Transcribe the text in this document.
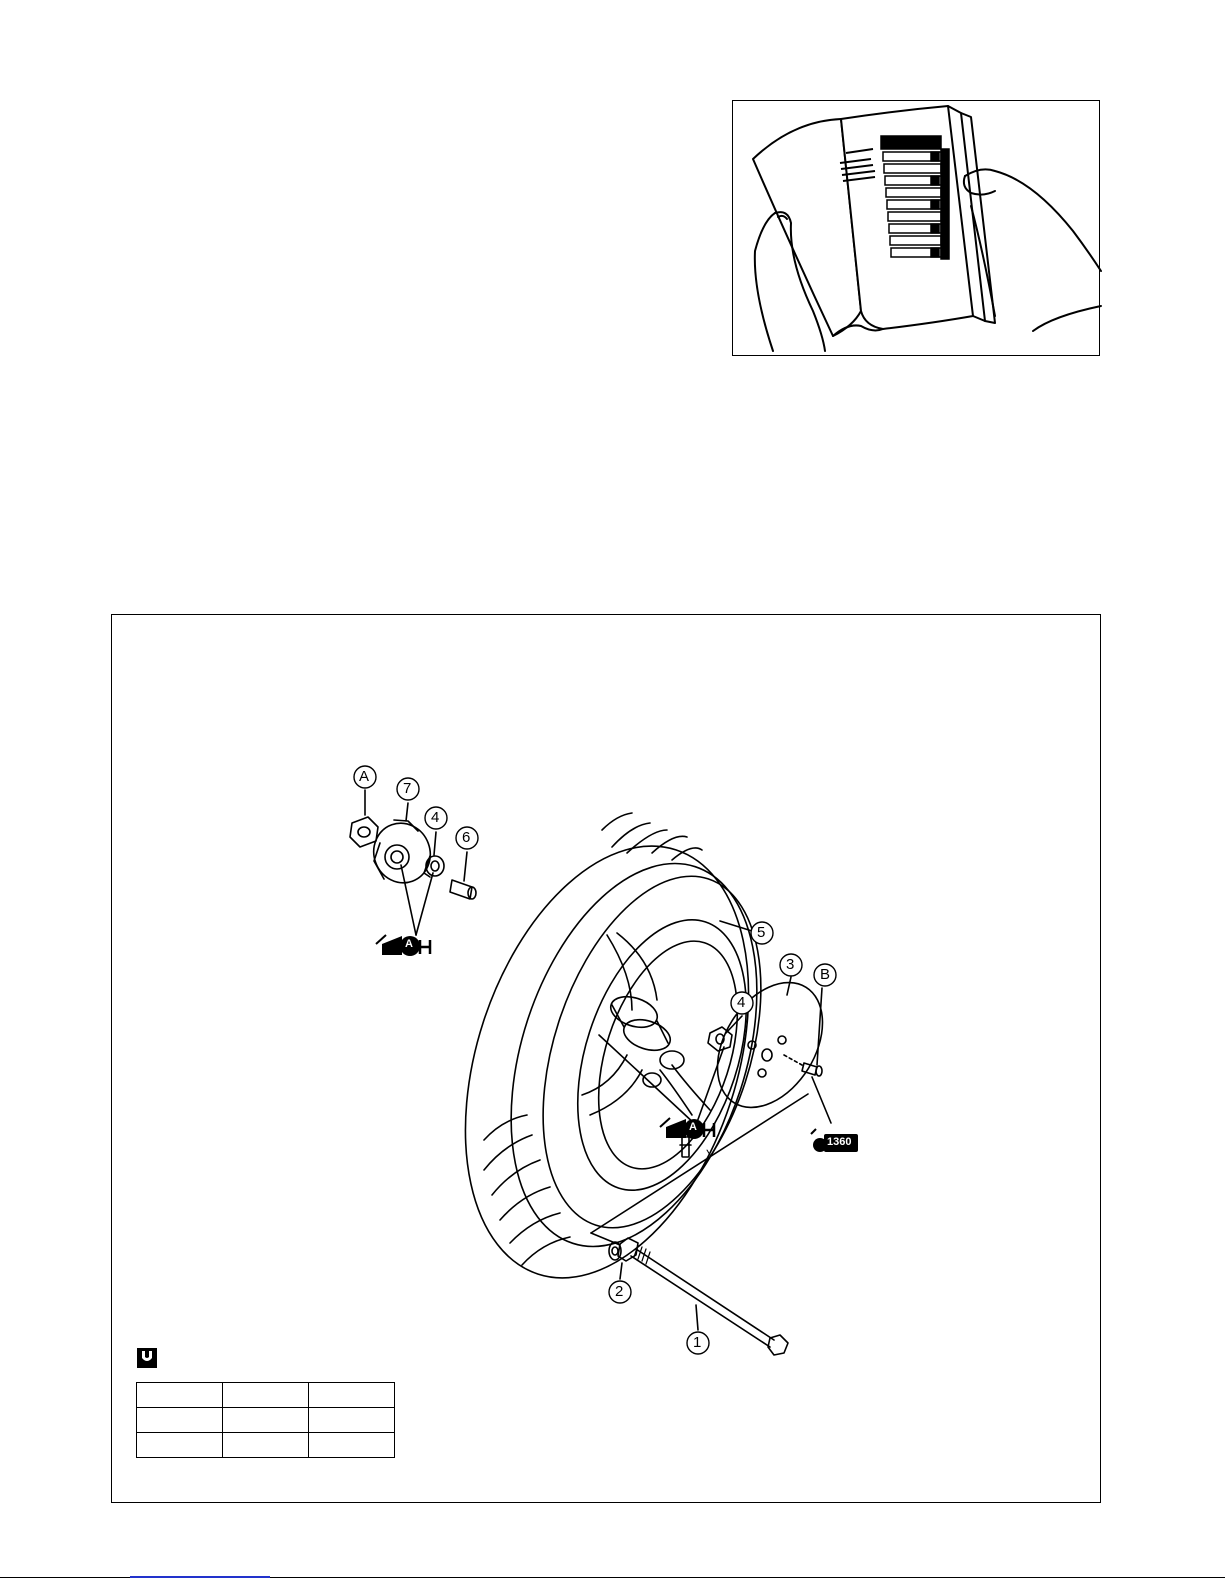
A
7
4
6
5
3
B
4
2
1
A
A
1360
